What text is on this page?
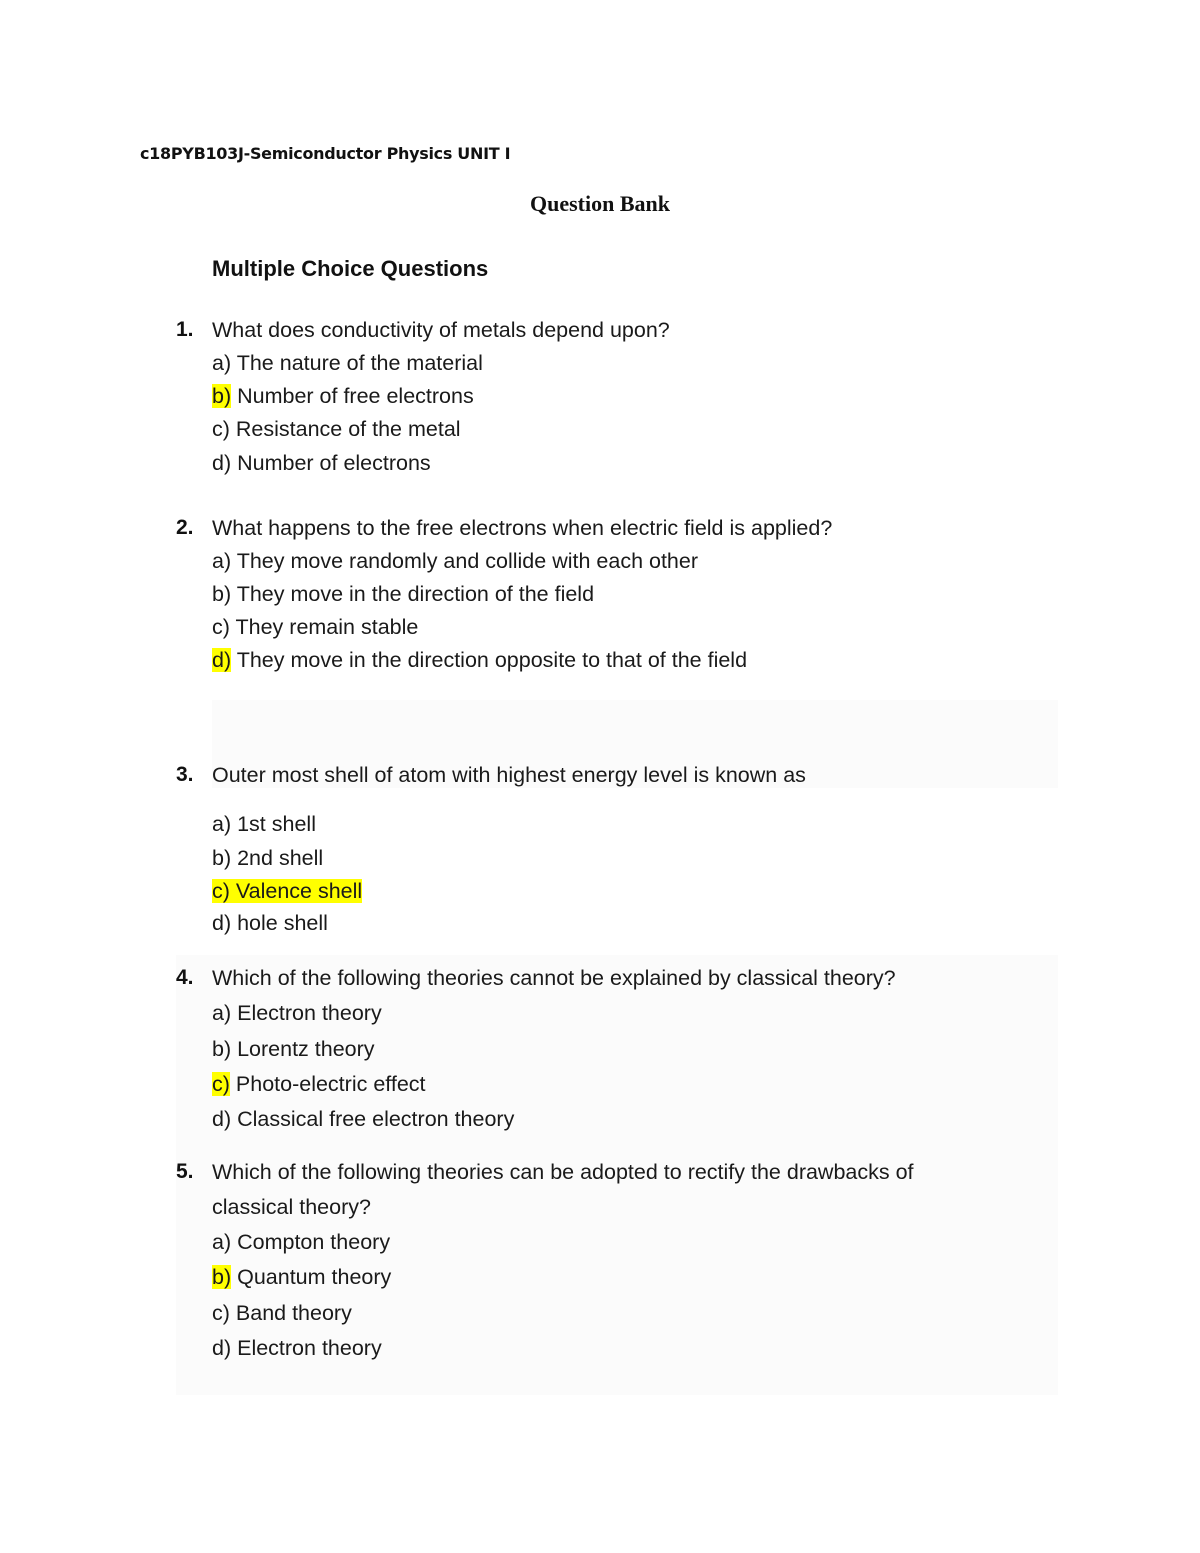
c18PYB103J-Semiconductor Physics UNIT I
Question Bank
Multiple Choice Questions
1. What does conductivity of metals depend upon?
a) The nature of the material
b) Number of free electrons
c) Resistance of the metal
d) Number of electrons
2. What happens to the free electrons when electric field is applied?
a) They move randomly and collide with each other
b) They move in the direction of the field
c) They remain stable
d) They move in the direction opposite to that of the field
3. Outer most shell of atom with highest energy level is known as
a) 1st shell
b) 2nd shell
c) Valence shell
d) hole shell
4. Which of the following theories cannot be explained by classical theory?
a) Electron theory
b) Lorentz theory
c) Photo-electric effect
d) Classical free electron theory
5. Which of the following theories can be adopted to rectify the drawbacks of
classical theory?
a) Compton theory
b) Quantum theory
c) Band theory
d) Electron theory
